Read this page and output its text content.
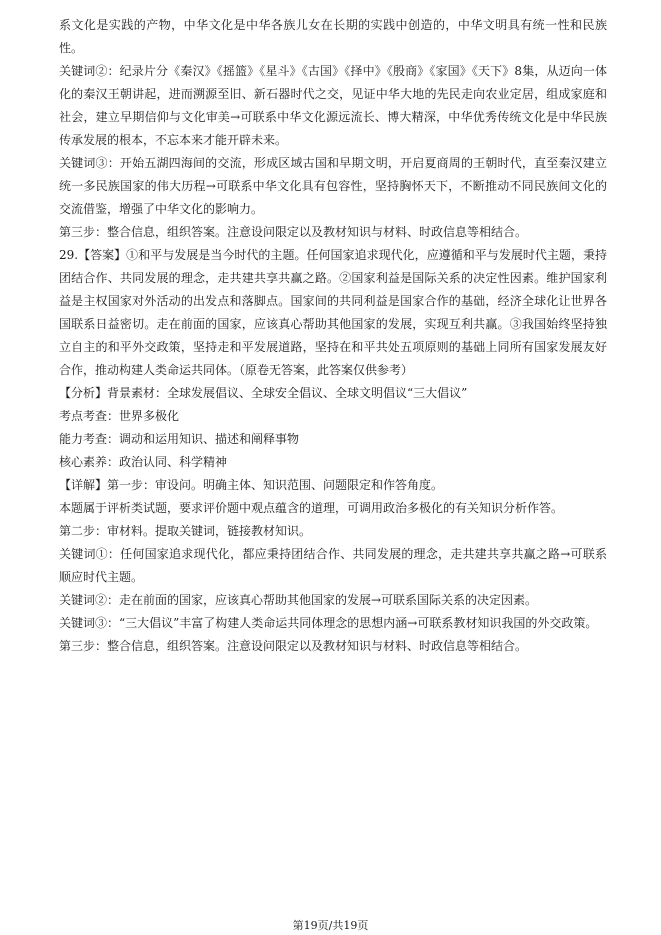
系文化是实践的产物，中华文化是中华各族儿女在长期的实践中创造的，中华文明具有统一性和民族性。

关键词②：纪录片分《秦汉》《摇篮》《星斗》《古国》《择中》《殷商》《家国》《天下》8集，从迈向一体化的秦汉王朝讲起，进而溯源至旧、新石器时代之交，见证中华大地的先民走向农业定居，组成家庭和社会，建立早期信仰与文化审美→可联系中华文化源远流长、博大精深，中华优秀传统文化是中华民族传承发展的根本，不忘本来才能开辟未来。

关键词③：开始五湖四海间的交流，形成区域古国和早期文明，开启夏商周的王朝时代，直至秦汉建立统一多民族国家的伟大历程→可联系中华文化具有包容性，坚持胸怀天下，不断推动不同民族间文化的交流借鉴，增强了中华文化的影响力。

第三步：整合信息，组织答案。注意设问限定以及教材知识与材料、时政信息等相结合。

29.【答案】①和平与发展是当今时代的主题。任何国家追求现代化，应遵循和平与发展时代主题，秉持团结合作、共同发展的理念，走共建共享共赢之路。②国家利益是国际关系的决定性因素。维护国家利益是主权国家对外活动的出发点和落脚点。国家间的共同利益是国家合作的基础，经济全球化让世界各国联系日益密切。走在前面的国家，应该真心帮助其他国家的发展，实现互利共赢。③我国始终坚持独立自主的和平外交政策，坚持走和平发展道路，坚持在和平共处五项原则的基础上同所有国家发展友好合作，推动构建人类命运共同体。（原卷无答案，此答案仅供参考）

【分析】背景素材：全球发展倡议、全球安全倡议、全球文明倡议“三大倡议”

考点考查：世界多极化

能力考查：调动和运用知识、描述和阐释事物

核心素养：政治认同、科学精神

【详解】第一步：审设问。明确主体、知识范围、问题限定和作答角度。

本题属于评析类试题，要求评价题中观点蕴含的道理，可调用政治多极化的有关知识分析作答。

第二步：审材料。提取关键词，链接教材知识。

关键词①：任何国家追求现代化，都应秉持团结合作、共同发展的理念，走共建共享共赢之路→可联系顺应时代主题。

关键词②：走在前面的国家，应该真心帮助其他国家的发展→可联系国际关系的决定因素。

关键词③：“三大倡议”丰富了构建人类命运共同体理念的思想内涵→可联系教材知识我国的外交政策。

第三步：整合信息，组织答案。注意设问限定以及教材知识与材料、时政信息等相结合。

第19页/共19页
